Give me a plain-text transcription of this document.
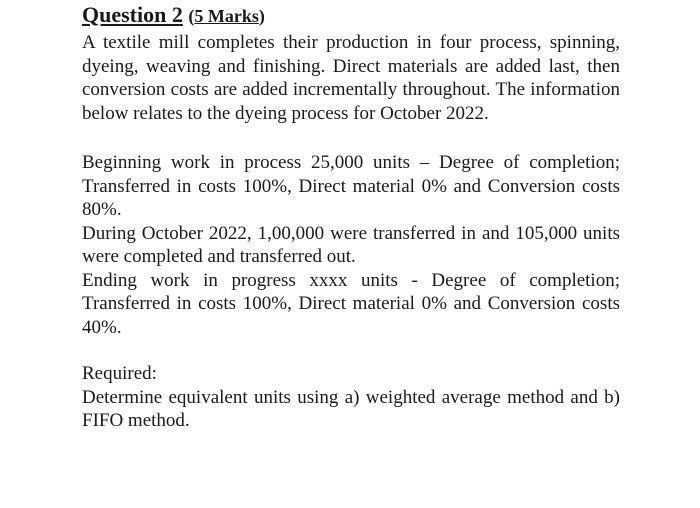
Question 2 (5 Marks)

A textile mill completes their production in four process, spinning, dyeing, weaving and finishing. Direct materials are added last, then conversion costs are added incrementally throughout. The information below relates to the dyeing process for October 2022.

Beginning work in process 25,000 units – Degree of completion; Transferred in costs 100%, Direct material 0% and Conversion costs 80%.

During October 2022, 1,00,000 were transferred in and 105,000 units were completed and transferred out.

Ending work in progress xxxx units - Degree of completion; Transferred in costs 100%, Direct material 0% and Conversion costs 40%.

Required:

Determine equivalent units using a) weighted average method and b) FIFO method.
